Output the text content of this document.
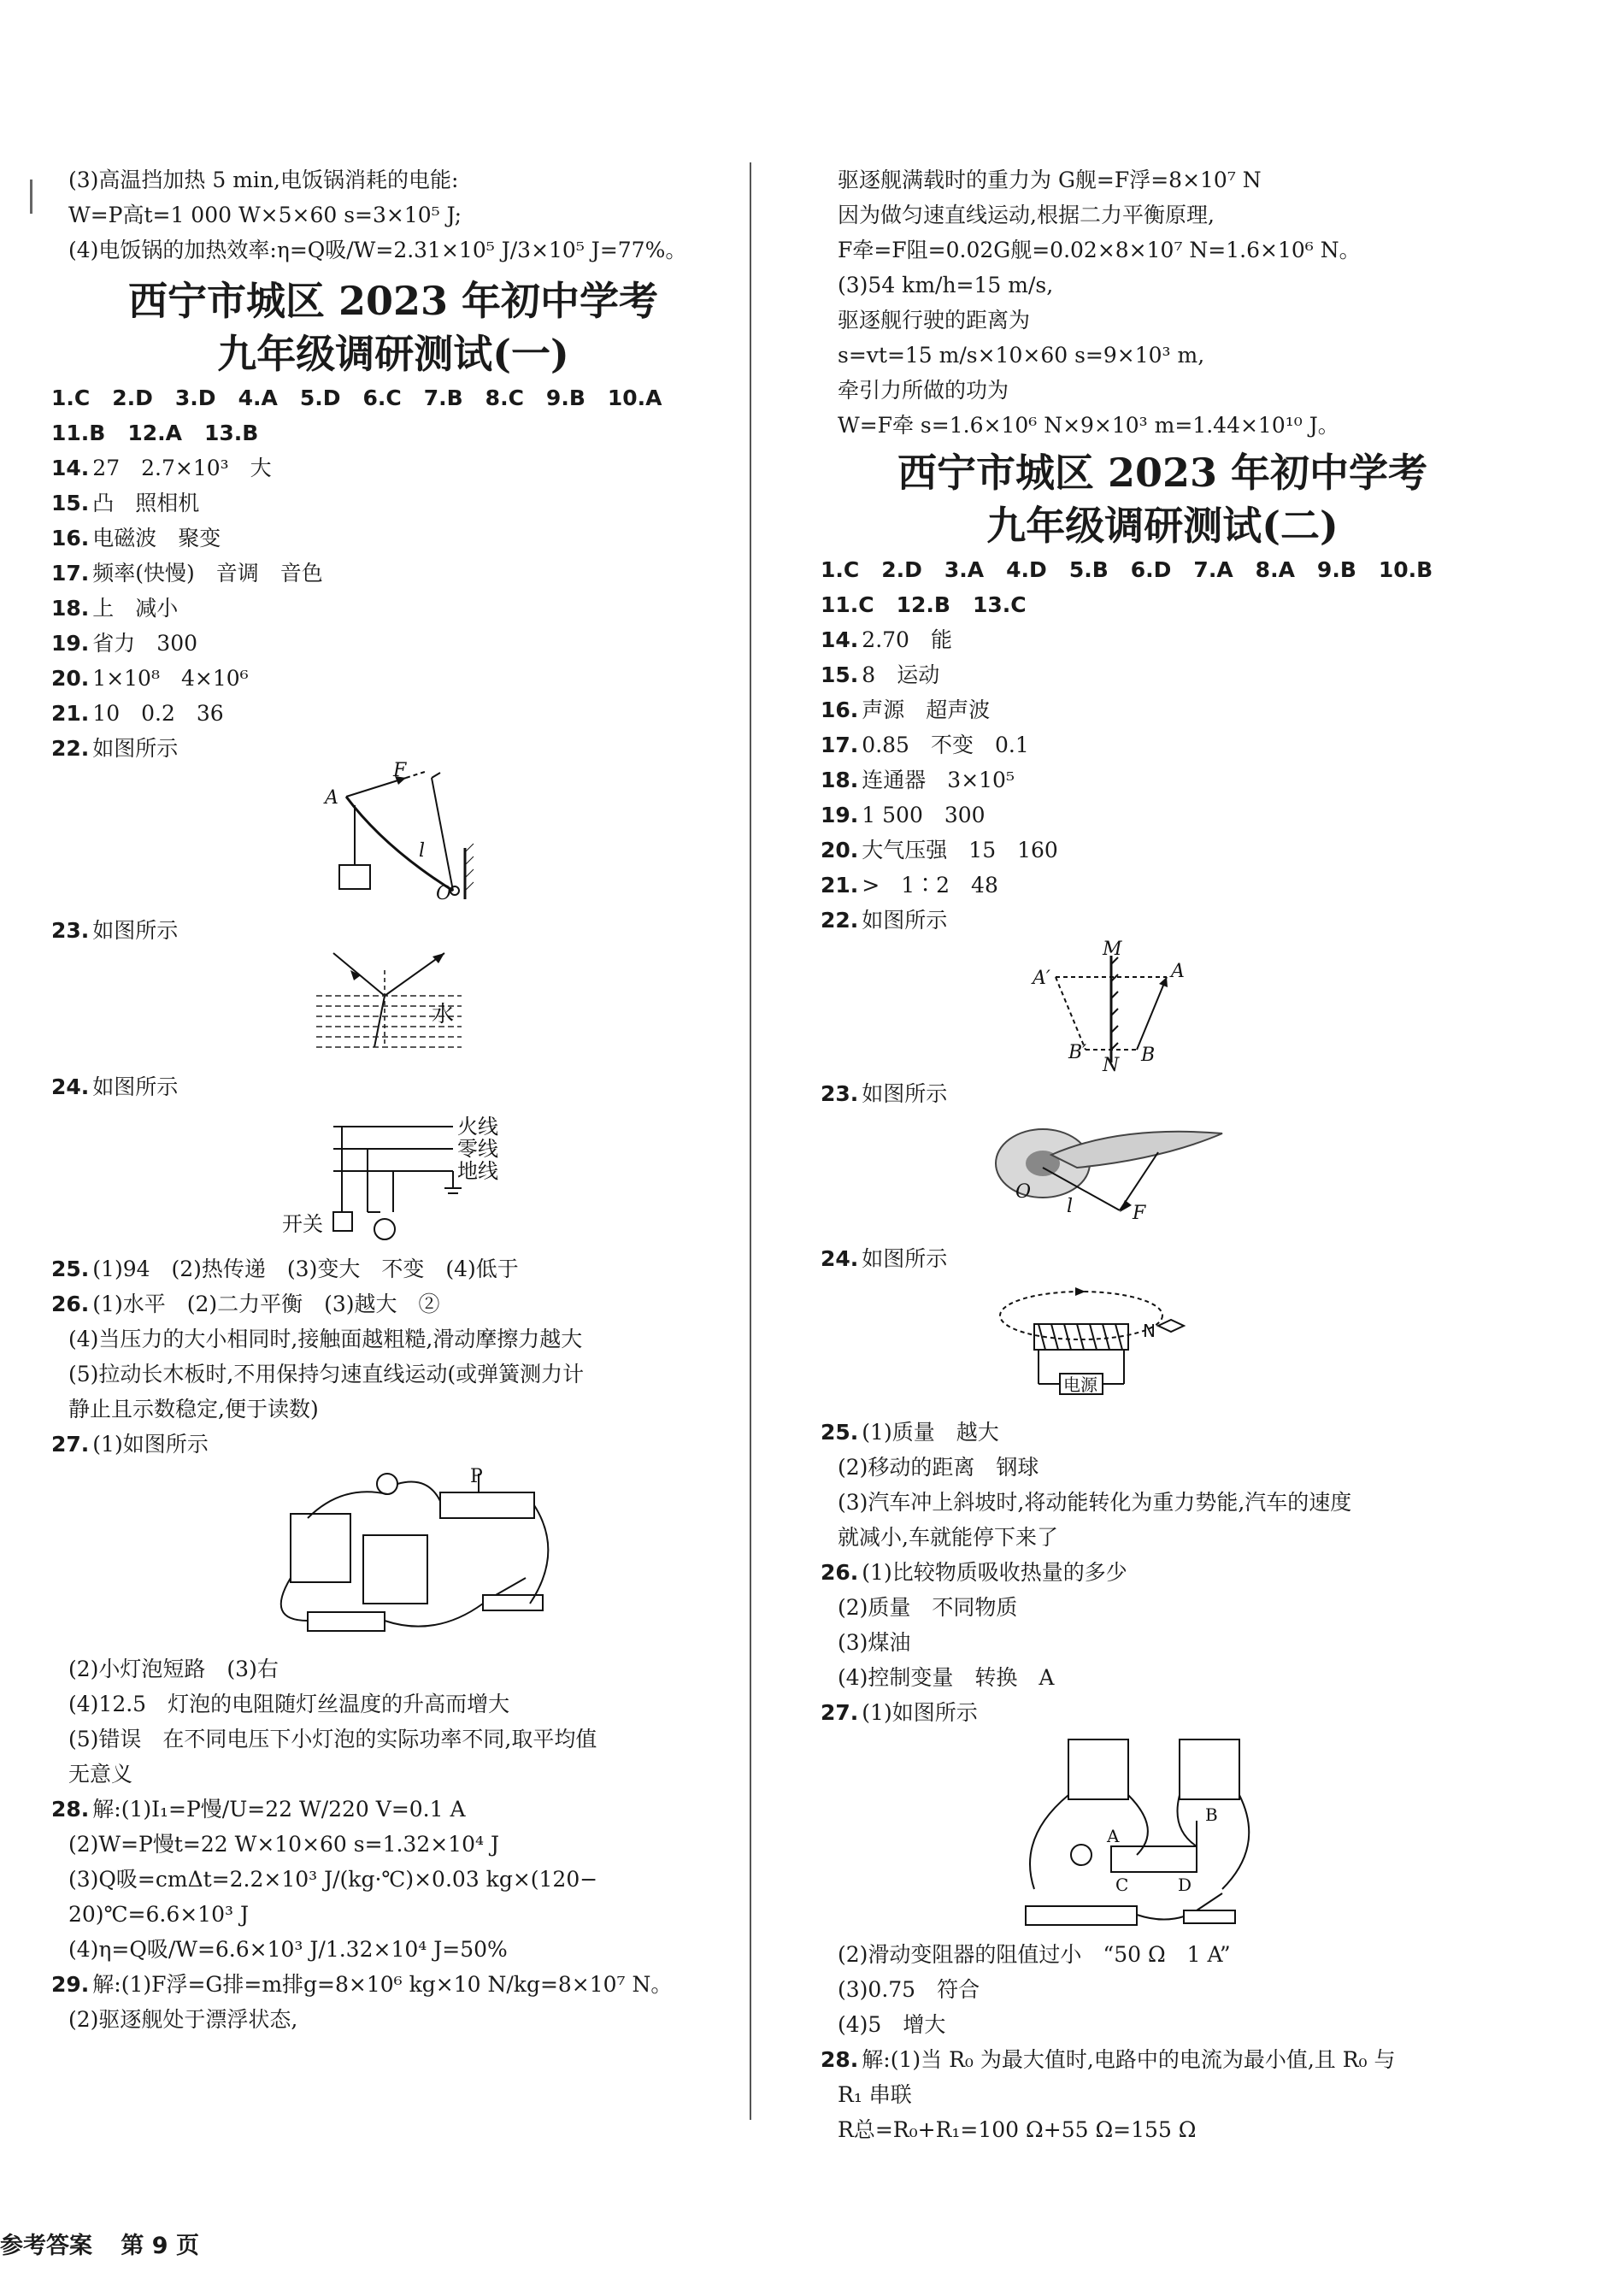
(3)高温挡加热 5 min,电饭锅消耗的电能:
W=P高t=1 000 W×5×60 s=3×10⁵ J;
(4)电饭锅的加热效率:η=Q吸/W=2.31×10⁵ J/3×10⁵ J=77%。
西宁市城区 2023 年初中学考
九年级调研测试(一)
1.C 2.D 3.D 4.A 5.D 6.C 7.B 8.C 9.B 10.A
11.B 12.A 13.B
14. 27　2.7×10³　大
15. 凸　照相机
16. 电磁波　聚变
17. 频率(快慢)　音调　音色
18. 上　减小
19. 省力　300
20. 1×10⁸　4×10⁶
21. 10　0.2　36
22. 如图所示
A
F
l
O
23. 如图所示
水
24. 如图所示
火线
零线
地线
开关
25. (1)94　(2)热传递　(3)变大　不变　(4)低于
26. (1)水平　(2)二力平衡　(3)越大　②
(4)当压力的大小相同时,接触面越粗糙,滑动摩擦力越大
(5)拉动长木板时,不用保持匀速直线运动(或弹簧测力计
静止且示数稳定,便于读数)
27. (1)如图所示
P
(2)小灯泡短路　(3)右
(4)12.5　灯泡的电阻随灯丝温度的升高而增大
(5)错误　在不同电压下小灯泡的实际功率不同,取平均值
无意义
28. 解:(1)I₁=P慢/U=22 W/220 V=0.1 A
(2)W=P慢t=22 W×10×60 s=1.32×10⁴ J
(3)Q吸=cmΔt=2.2×10³ J/(kg·℃)×0.03 kg×(120−
20)℃=6.6×10³ J
(4)η=Q吸/W=6.6×10³ J/1.32×10⁴ J=50%
29. 解:(1)F浮=G排=m排g=8×10⁶ kg×10 N/kg=8×10⁷ N。
(2)驱逐舰处于漂浮状态,
驱逐舰满载时的重力为 G舰=F浮=8×10⁷ N
因为做匀速直线运动,根据二力平衡原理,
F牵=F阻=0.02G舰=0.02×8×10⁷ N=1.6×10⁶ N。
(3)54 km/h=15 m/s,
驱逐舰行驶的距离为
s=vt=15 m/s×10×60 s=9×10³ m,
牵引力所做的功为
W=F牵 s=1.6×10⁶ N×9×10³ m=1.44×10¹⁰ J。
西宁市城区 2023 年初中学考
九年级调研测试(二)
1.C 2.D 3.A 4.D 5.B 6.D 7.A 8.A 9.B 10.B
11.C 12.B 13.C
14. 2.70　能
15. 8　运动
16. 声源　超声波
17. 0.85　不变　0.1
18. 连通器　3×10⁵
19. 1 500　300
20. 大气压强　15　160
21. >　1∶2　48
22. 如图所示
M
N
A
A′
B
B′
23. 如图所示
O
l	F
24. 如图所示
电源
N
25. (1)质量　越大
(2)移动的距离　钢球
(3)汽车冲上斜坡时,将动能转化为重力势能,汽车的速度
就减小,车就能停下来了
26. (1)比较物质吸收热量的多少
(2)质量　不同物质
(3)煤油
(4)控制变量　转换　A
27. (1)如图所示
A
B
C	D
(2)滑动变阻器的阻值过小　“50 Ω　1 A”
(3)0.75　符合
(4)5　增大
28. 解:(1)当 R₀ 为最大值时,电路中的电流为最小值,且 R₀ 与
R₁ 串联
R总=R₀+R₁=100 Ω+55 Ω=155 Ω
参考答案 第 9 页
